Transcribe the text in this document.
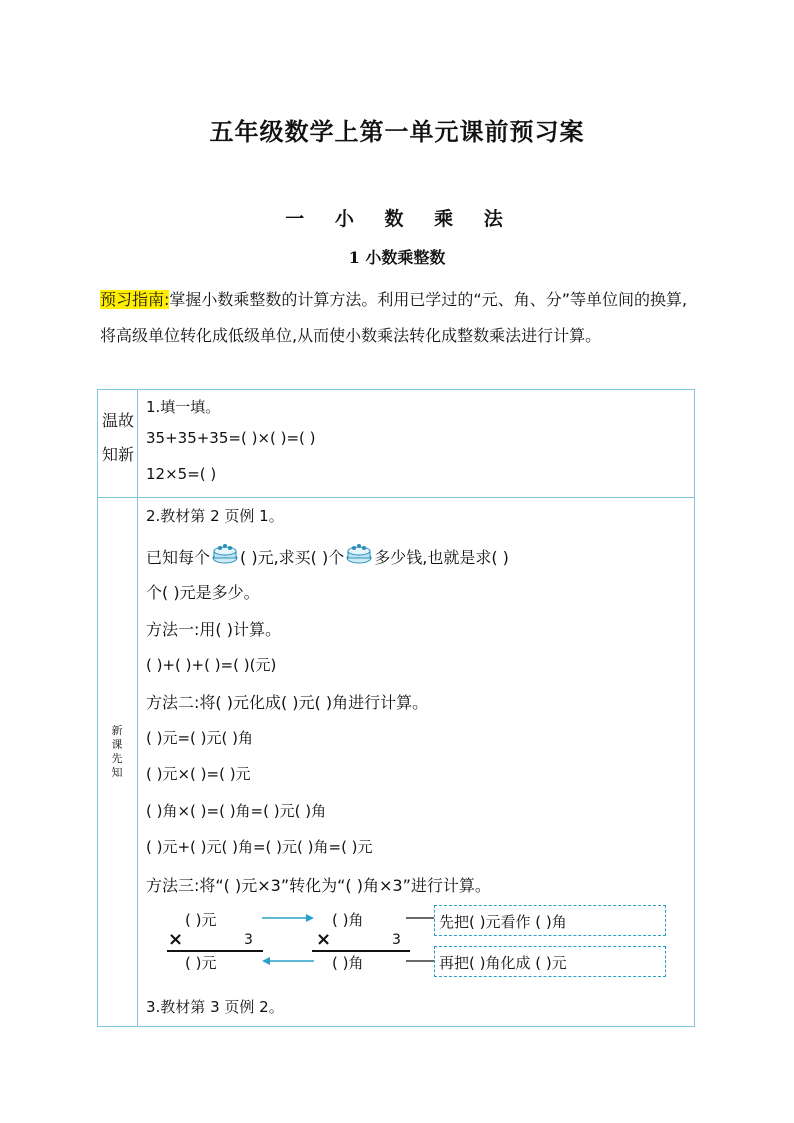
五年级数学上第一单元课前预习案
一 小 数 乘 法
1 小数乘整数
预习指南:掌握小数乘整数的计算方法。利用已学过的“元、角、分”等单位间的换算,将高级单位转化成低级单位,从而使小数乘法转化成整数乘法进行计算。
温故知新
1.填一填。
35+35+35=( )×( )=( )
12×5=( )
新课先知
2.教材第 2 页例 1。
已知每个 ( )元,求买( )个 多少钱,也就是求( )
个( )元是多少。
方法一:用( )计算。
( )+( )+( )=( )(元)
方法二:将( )元化成( )元( )角进行计算。
( )元=( )元( )角
( )元×( )=( )元
( )角×( )=( )角=( )元( )角
( )元+( )元( )角=( )元( )角=( )元
方法三:将“( )元×3”转化为“( )角×3”进行计算。
( )元
×	3
( )元
( )角
×	3
( )角
先把( )元看作 ( )角
再把( )角化成 ( )元
3.教材第 3 页例 2。
